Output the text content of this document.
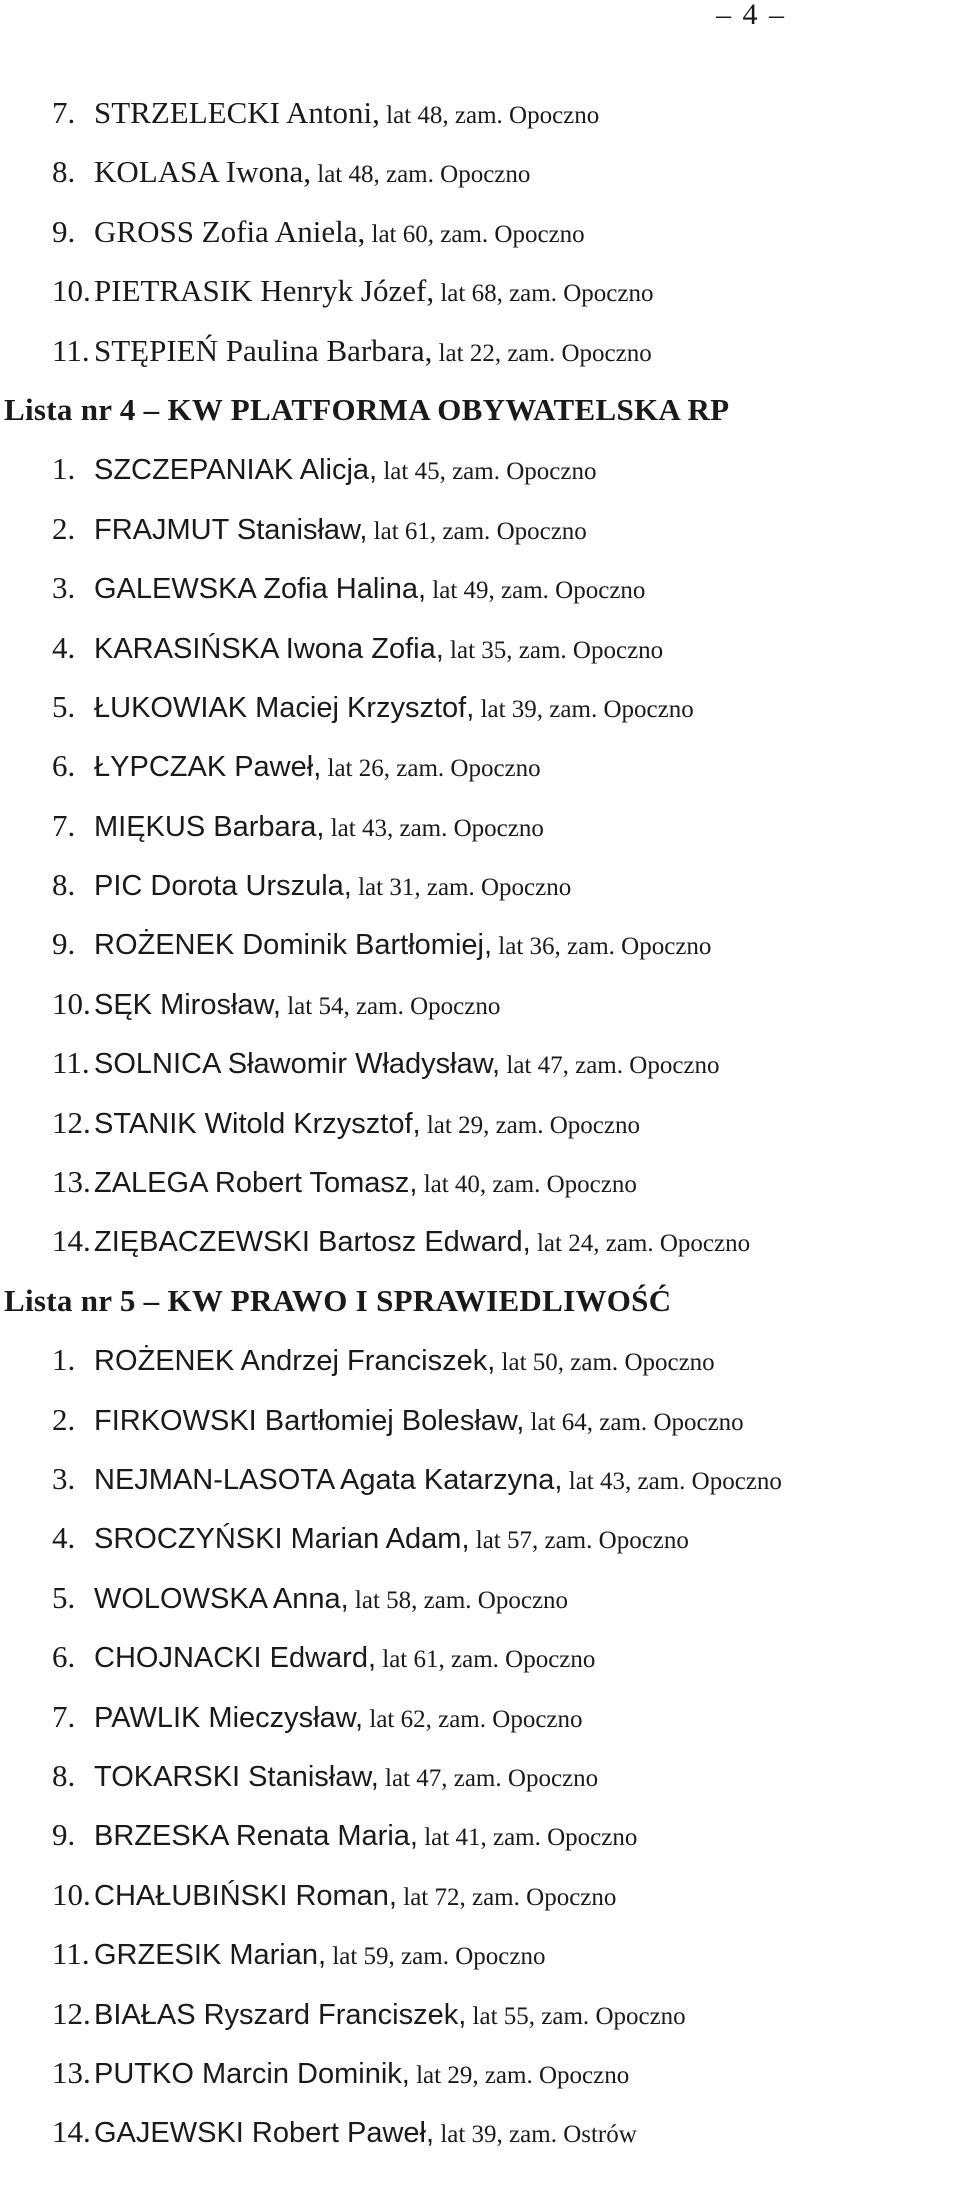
– 4 –
7. STRZELECKI Antoni, lat 48, zam. Opoczno
8. KOLASA Iwona, lat 48, zam. Opoczno
9. GROSS Zofia Aniela, lat 60, zam. Opoczno
10. PIETRASIK Henryk Józef, lat 68, zam. Opoczno
11. STĘPIEŃ Paulina Barbara, lat 22, zam. Opoczno
Lista nr 4 – KW PLATFORMA OBYWATELSKA RP
1. SZCZEPANIAK Alicja, lat 45, zam. Opoczno
2. FRAJMUT Stanisław, lat 61, zam. Opoczno
3. GALEWSKA Zofia Halina, lat 49, zam. Opoczno
4. KARASIŃSKA Iwona Zofia, lat 35, zam. Opoczno
5. ŁUKOWIAK Maciej Krzysztof, lat 39, zam. Opoczno
6. ŁYPCZAK Paweł, lat 26, zam. Opoczno
7. MIĘKUS Barbara, lat 43, zam. Opoczno
8. PIC Dorota Urszula, lat 31, zam. Opoczno
9. ROŻENEK Dominik Bartłomiej, lat 36, zam. Opoczno
10. SĘK Mirosław, lat 54, zam. Opoczno
11. SOLNICA Sławomir Władysław, lat 47, zam. Opoczno
12. STANIK Witold Krzysztof, lat 29, zam. Opoczno
13. ZALEGA Robert Tomasz, lat 40, zam. Opoczno
14. ZIĘBACZEWSKI Bartosz Edward, lat 24, zam. Opoczno
Lista nr 5 – KW PRAWO I SPRAWIEDLIWOŚĆ
1. ROŻENEK Andrzej Franciszek, lat 50, zam. Opoczno
2. FIRKOWSKI Bartłomiej Bolesław, lat 64, zam. Opoczno
3. NEJMAN-LASOTA Agata Katarzyna, lat 43, zam. Opoczno
4. SROCZYŃSKI Marian Adam, lat 57, zam. Opoczno
5. WOLOWSKA Anna, lat 58, zam. Opoczno
6. CHOJNACKI Edward, lat 61, zam. Opoczno
7. PAWLIK Mieczysław, lat 62, zam. Opoczno
8. TOKARSKI Stanisław, lat 47, zam. Opoczno
9. BRZESKA Renata Maria, lat 41, zam. Opoczno
10. CHAŁUBIŃSKI Roman, lat 72, zam. Opoczno
11. GRZESIK Marian, lat 59, zam. Opoczno
12. BIAŁAS Ryszard Franciszek, lat 55, zam. Opoczno
13. PUTKO Marcin Dominik, lat 29, zam. Opoczno
14. GAJEWSKI Robert Paweł, lat 39, zam. Ostrów
